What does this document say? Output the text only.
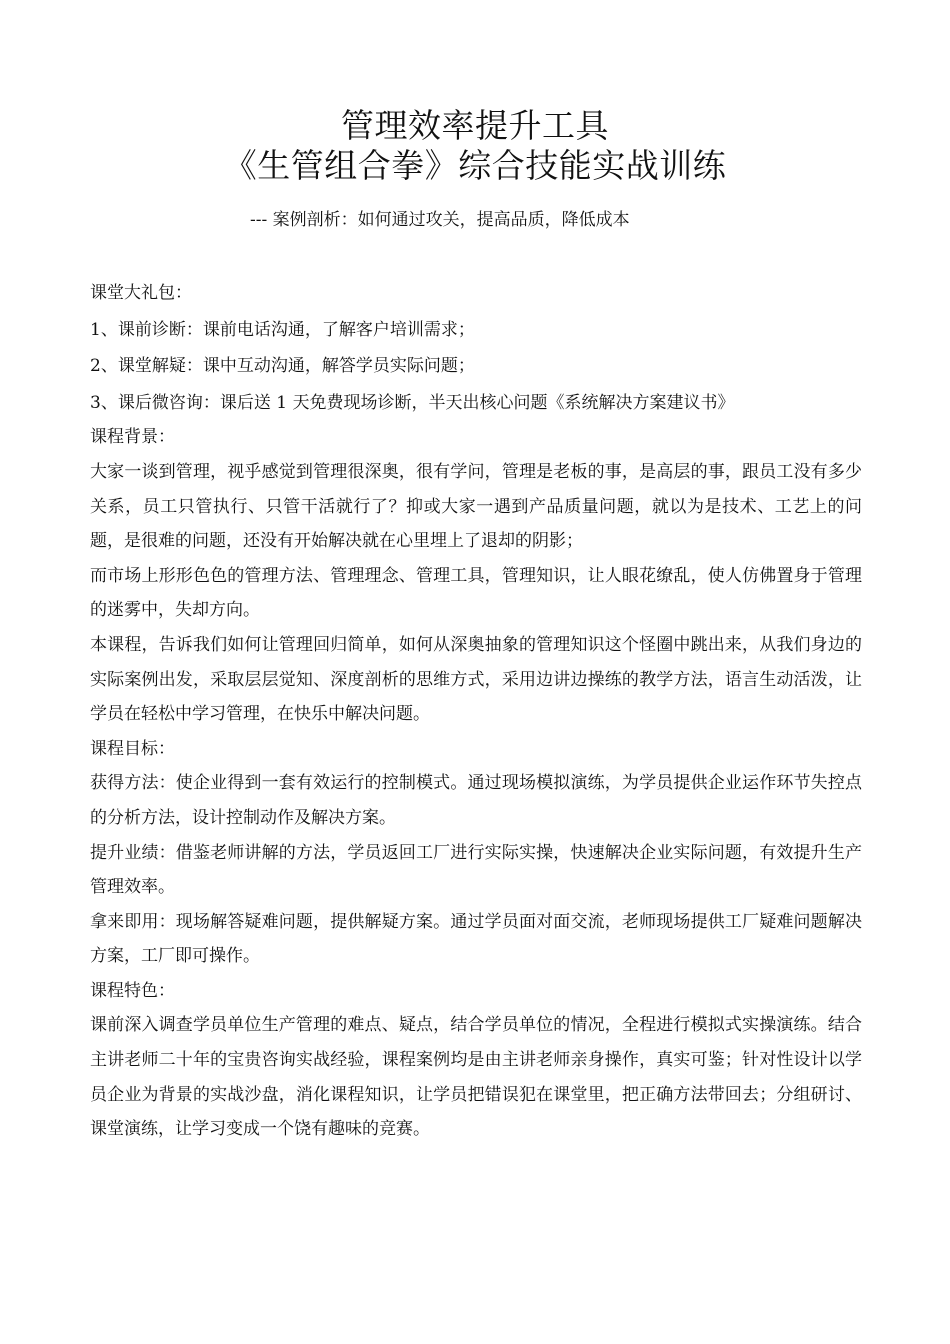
管理效率提升工具
《生管组合拳》综合技能实战训练
--- 案例剖析：如何通过攻关，提高品质，降低成本

课堂大礼包：

1、课前诊断：课前电话沟通，了解客户培训需求；

2、课堂解疑：课中互动沟通，解答学员实际问题；

3、课后微咨询：课后送 1 天免费现场诊断，半天出核心问题《系统解决方案建议书》

课程背景：

大家一谈到管理，视乎感觉到管理很深奥，很有学问，管理是老板的事，是高层的事，跟员工没有多少关系，员工只管执行、只管干活就行了？抑或大家一遇到产品质量问题，就以为是技术、工艺上的问题，是很难的问题，还没有开始解决就在心里埋上了退却的阴影；

而市场上形形色色的管理方法、管理理念、管理工具，管理知识，让人眼花缭乱，使人仿佛置身于管理的迷雾中，失却方向。

本课程，告诉我们如何让管理回归简单，如何从深奥抽象的管理知识这个怪圈中跳出来，从我们身边的实际案例出发，采取层层觉知、深度剖析的思维方式，采用边讲边操练的教学方法，语言生动活泼，让学员在轻松中学习管理，在快乐中解决问题。

课程目标：

获得方法：使企业得到一套有效运行的控制模式。通过现场模拟演练，为学员提供企业运作环节失控点的分析方法，设计控制动作及解决方案。

提升业绩：借鉴老师讲解的方法，学员返回工厂进行实际实操，快速解决企业实际问题，有效提升生产管理效率。

拿来即用：现场解答疑难问题，提供解疑方案。通过学员面对面交流，老师现场提供工厂疑难问题解决方案，工厂即可操作。

课程特色：

课前深入调查学员单位生产管理的难点、疑点，结合学员单位的情况，全程进行模拟式实操演练。结合主讲老师二十年的宝贵咨询实战经验，课程案例均是由主讲老师亲身操作，真实可鉴；针对性设计以学员企业为背景的实战沙盘，消化课程知识，让学员把错误犯在课堂里，把正确方法带回去；分组研讨、课堂演练，让学习变成一个饶有趣味的竞赛。
